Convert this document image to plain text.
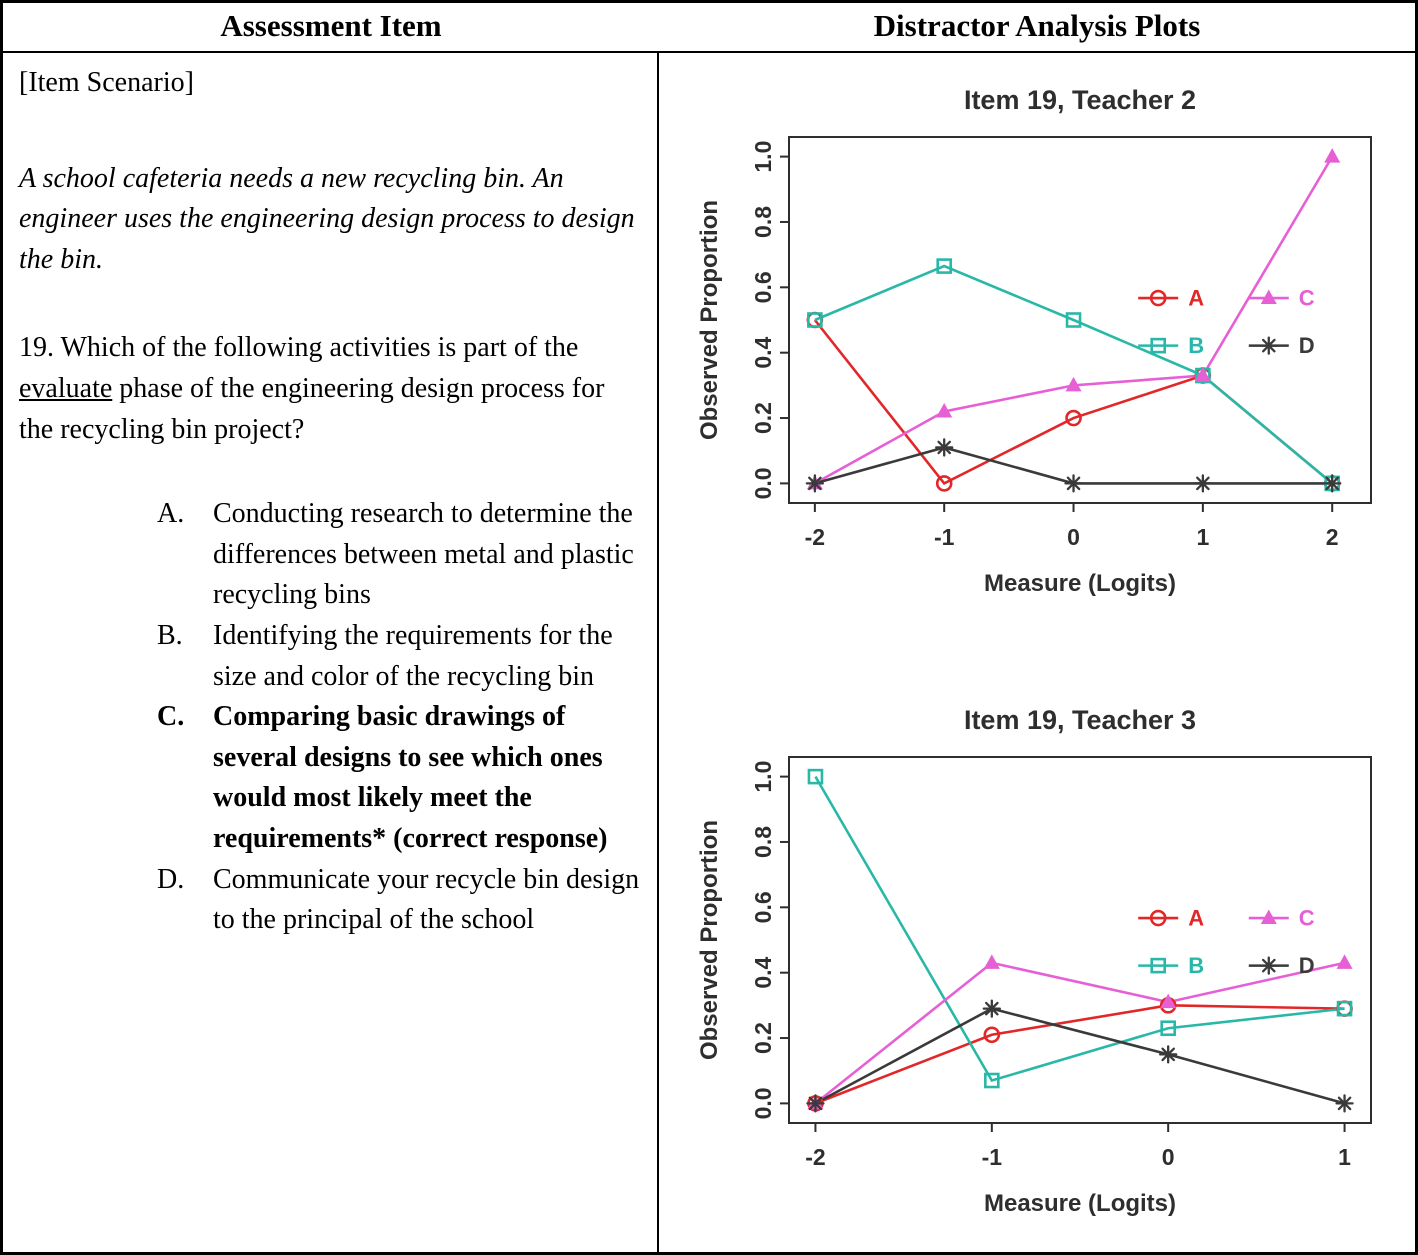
Assessment Item	Distractor Analysis Plots

[Item Scenario]

A school cafeteria needs a new recycling bin. An engineer uses the engineering design process to design the bin.

19. Which of the following activities is part of the evaluate phase of the engineering design process for the recycling bin project?

A.	Conducting research to determine the differences between metal and plastic recycling bins
B.	Identifying the requirements for the size and color of the recycling bin
C.	Comparing basic drawings of several designs to see which ones would most likely meet the requirements* (correct response)
D.	Communicate your recycle bin design to the principal of the school
Item 19, Teacher 2
-2	-1	0	1	2
0.0
0.2
0.4
0.6
0.8
1.0
Measure (Logits)
Observed Proportion	A	C
B	D
Item 19, Teacher 3
-2	-1	0	1
0.0
0.2
0.4
0.6
0.8
1.0
Measure (Logits)
Observed Proportion	A	C
B	D
